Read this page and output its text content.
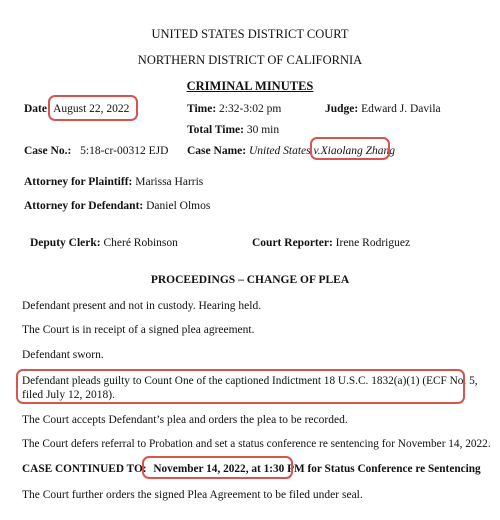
UNITED STATES DISTRICT COURT
NORTHERN DISTRICT OF CALIFORNIA
CRIMINAL MINUTES
Date: August 22, 2022	Time: 2:32-3:02 pm	Judge: Edward J. Davila
Total Time: 30 min
Case No.: 5:18-cr-00312 EJD Case Name: United States v.Xiaolang Zhang
Attorney for Plaintiff: Marissa Harris
Attorney for Defendant: Daniel Olmos
Deputy Clerk: Cheré Robinson	Court Reporter: Irene Rodriguez
PROCEEDINGS – CHANGE OF PLEA
Defendant present and not in custody. Hearing held.
The Court is in receipt of a signed plea agreement.
Defendant sworn.
Defendant pleads guilty to Count One of the captioned Indictment 18 U.S.C. 1832(a)(1) (ECF No. 5,
filed July 12, 2018).
The Court accepts Defendant’s plea and orders the plea to be recorded.
The Court defers referral to Probation and set a status conference re sentencing for November 14, 2022.
CASE CONTINUED TO: November 14, 2022, at 1:30 PM for Status Conference re Sentencing
The Court further orders the signed Plea Agreement to be filed under seal.
